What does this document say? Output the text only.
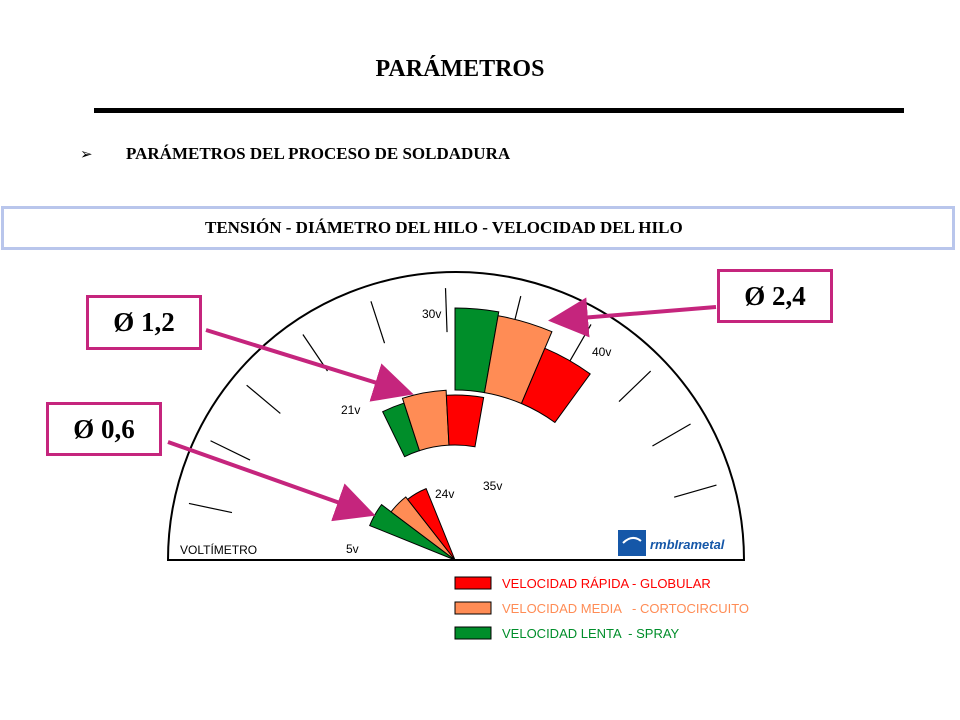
PARÁMETROS
➢ PARÁMETROS DEL PROCESO DE SOLDADURA
TENSIÓN - DIÁMETRO DEL HILO - VELOCIDAD DEL HILO
VOLTÍMETRO	5v
24v
21v
35v
30v
40v
rmbIrametal
VELOCIDAD RÁPIDA - GLOBULAR
VELOCIDAD MEDIA   - CORTOCIRCUITO
VELOCIDAD LENTA  - SPRAY
Ø 0,6
Ø 1,2
Ø 2,4
